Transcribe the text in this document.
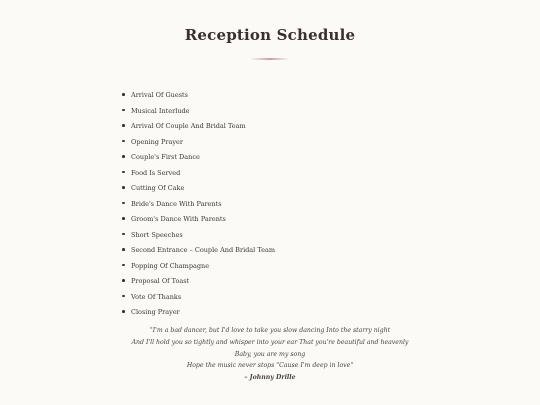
Reception Schedule
Arrival Of Guests
Musical Interlude
Arrival Of Couple And Bridal Team
Opening Prayer
Couple's First Dance
Food Is Served
Cutting Of Cake
Bride's Dance With Parents
Groom's Dance With Parents
Short Speeches
Second Entrance – Couple And Bridal Team
Popping Of Champagne
Proposal Of Toast
Vote Of Thanks
Closing Prayer
"I'm a bad dancer, but I'd love to take you slow dancing Into the starry night
And I'll hold you so tightly and whisper into your ear That you're beautiful and heavenly
Baby, you are my song
Hope the music never stops "Cause I'm deep in love"
– Johnny Drille
